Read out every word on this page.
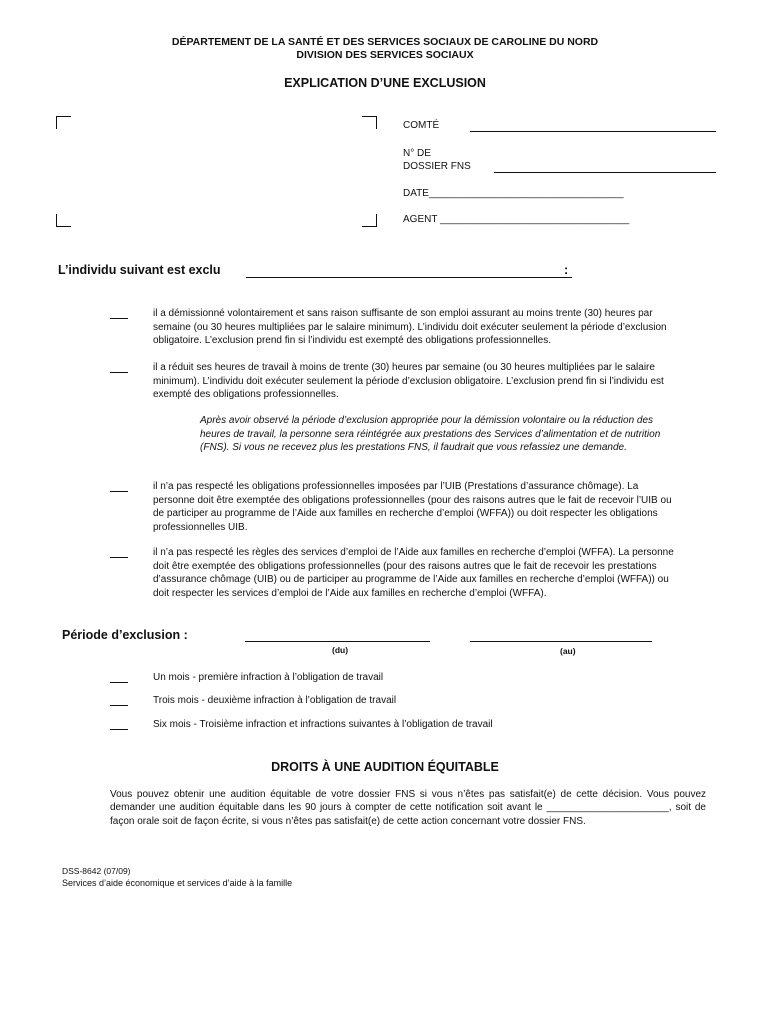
DÉPARTEMENT DE LA SANTÉ ET DES SERVICES SOCIAUX DE CAROLINE DU NORD
DIVISION DES SERVICES SOCIAUX
EXPLICATION D’UNE EXCLUSION
COMTÉ
N° DE
DOSSIER FNS
DATE___________________________________
AGENT __________________________________
L’individu suivant est exclu	:
il a démissionné volontairement et sans raison suffisante de son emploi assurant au moins trente (30) heures par semaine (ou 30 heures multipliées par le salaire minimum). L’individu doit exécuter seulement la période d’exclusion obligatoire. L’exclusion prend fin si l’individu est exempté des obligations professionnelles.
il a réduit ses heures de travail à moins de trente (30) heures par semaine (ou 30 heures multipliées par le salaire minimum). L’individu doit exécuter seulement la période d’exclusion obligatoire. L’exclusion prend fin si l’individu est exempté des obligations professionnelles.
Après avoir observé la période d’exclusion appropriée pour la démission volontaire ou la réduction des heures de travail, la personne sera réintégrée aux prestations des Services d’alimentation et de nutrition (FNS). Si vous ne recevez plus les prestations FNS, il faudrait que vous refassiez une demande.
il n’a pas respecté les obligations professionnelles imposées par l’UIB (Prestations d’assurance chômage). La personne doit être exemptée des obligations professionnelles (pour des raisons autres que le fait de recevoir l’UIB ou de participer au programme de l’Aide aux familles en recherche d’emploi (WFFA)) ou doit respecter les obligations professionnelles UIB.
il n’a pas respecté les règles des services d’emploi de l’Aide aux familles en recherche d’emploi (WFFA). La personne doit être exemptée des obligations professionnelles (pour des raisons autres que le fait de recevoir les prestations d’assurance chômage (UIB) ou de participer au programme de l’Aide aux familles en recherche d’emploi (WFFA)) ou doit respecter les services d’emploi de l’Aide aux familles en recherche d’emploi (WFFA).
Période d’exclusion :
(du)	(au)
Un mois - première infraction à l’obligation de travail
Trois mois - deuxième infraction à l’obligation de travail
Six mois - Troisième infraction et infractions suivantes à l’obligation de travail
DROITS À UNE AUDITION ÉQUITABLE
Vous pouvez obtenir une audition équitable de votre dossier FNS si vous n’êtes pas satisfait(e) de cette décision. Vous pouvez demander une audition équitable dans les 90 jours à compter de cette notification soit avant le ______________________, soit de façon orale soit de façon écrite, si vous n’êtes pas satisfait(e) de cette action concernant votre dossier FNS.
DSS-8642 (07/09)
Services d’aide économique et services d’aide à la famille
